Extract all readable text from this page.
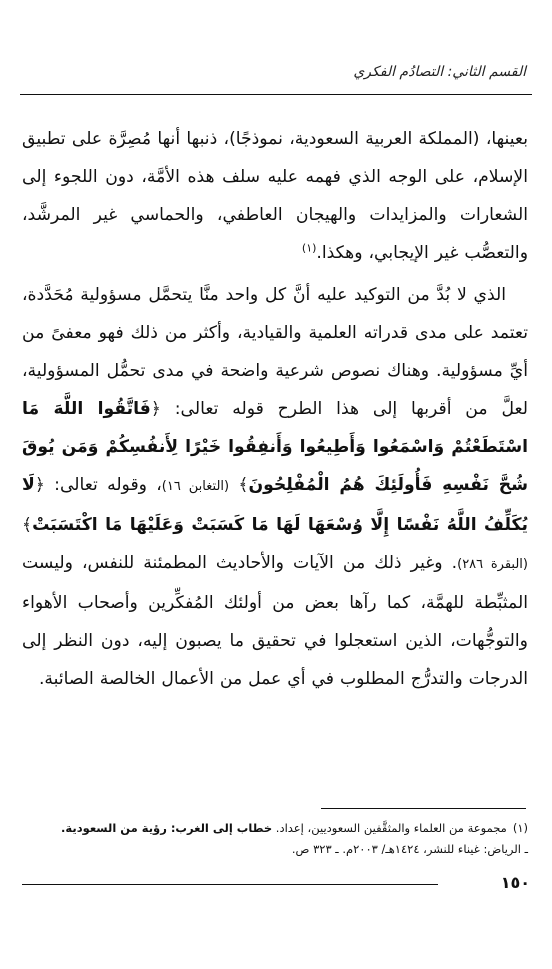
القسم الثاني: التصادُم الفكري

بعينها، (المملكة العربية السعودية، نموذجًا)، ذنبها أنها مُصِرَّة على تطبيق الإسلام، على الوجه الذي فهمه عليه سلف هذه الأمَّة، دون اللجوء إلى الشعارات والمزايدات والهيجان العاطفي، والحماسي غير المرشَّد، والتعصُّب غير الإيجابي، وهكذا.$^{(١)}$

الذي لا بُدَّ من التوكيد عليه أنَّ كل واحد منَّا يتحمَّل مسؤولية مُحَدَّدة، تعتمد على مدى قدراته العلمية والقيادية، وأكثر من ذلك فهو معفىً من أيِّ مسؤولية. وهناك نصوص شرعية واضحة في مدى تحمُّل المسؤولية، لعلَّ من أقربها إلى هذا الطرح قوله تعالى: ﴿فَاتَّقُوا اللَّهَ مَا اسْتَطَعْتُمْ وَاسْمَعُوا وَأَطِيعُوا وَأَنفِقُوا خَيْرًا لِأَنفُسِكُمْ وَمَن يُوقَ شُحَّ نَفْسِهِ فَأُولَئِكَ هُمُ الْمُفْلِحُونَ﴾ (التغابن ١٦)، وقوله تعالى: ﴿لَا يُكَلِّفُ اللَّهُ نَفْسًا إِلَّا وُسْعَهَا لَهَا مَا كَسَبَتْ وَعَلَيْهَا مَا اكْتَسَبَتْ﴾ (البقرة ٢٨٦). وغير ذلك من الآيات والأحاديث المطمئنة للنفس، وليست المثبِّطة للهمَّة، كما رآها بعض من أولئك المُفكِّرين وأصحاب الأهواء والتوجُّهات، الذين استعجلوا في تحقيق ما يصبون إليه، دون النظر إلى الدرجات والتدرُّج المطلوب في أي عمل من الأعمال الخالصة الصائبة.

(١)مجموعة من العلماء والمثقَّفين السعوديين، إعداد. خطاب إلى الغرب: رؤية من السعودية.
ـ الرياض: غيناء للنشر، ١٤٢٤هـ/ ٢٠٠٣م. ـ ٣٢٣ ص.
١٥٠
